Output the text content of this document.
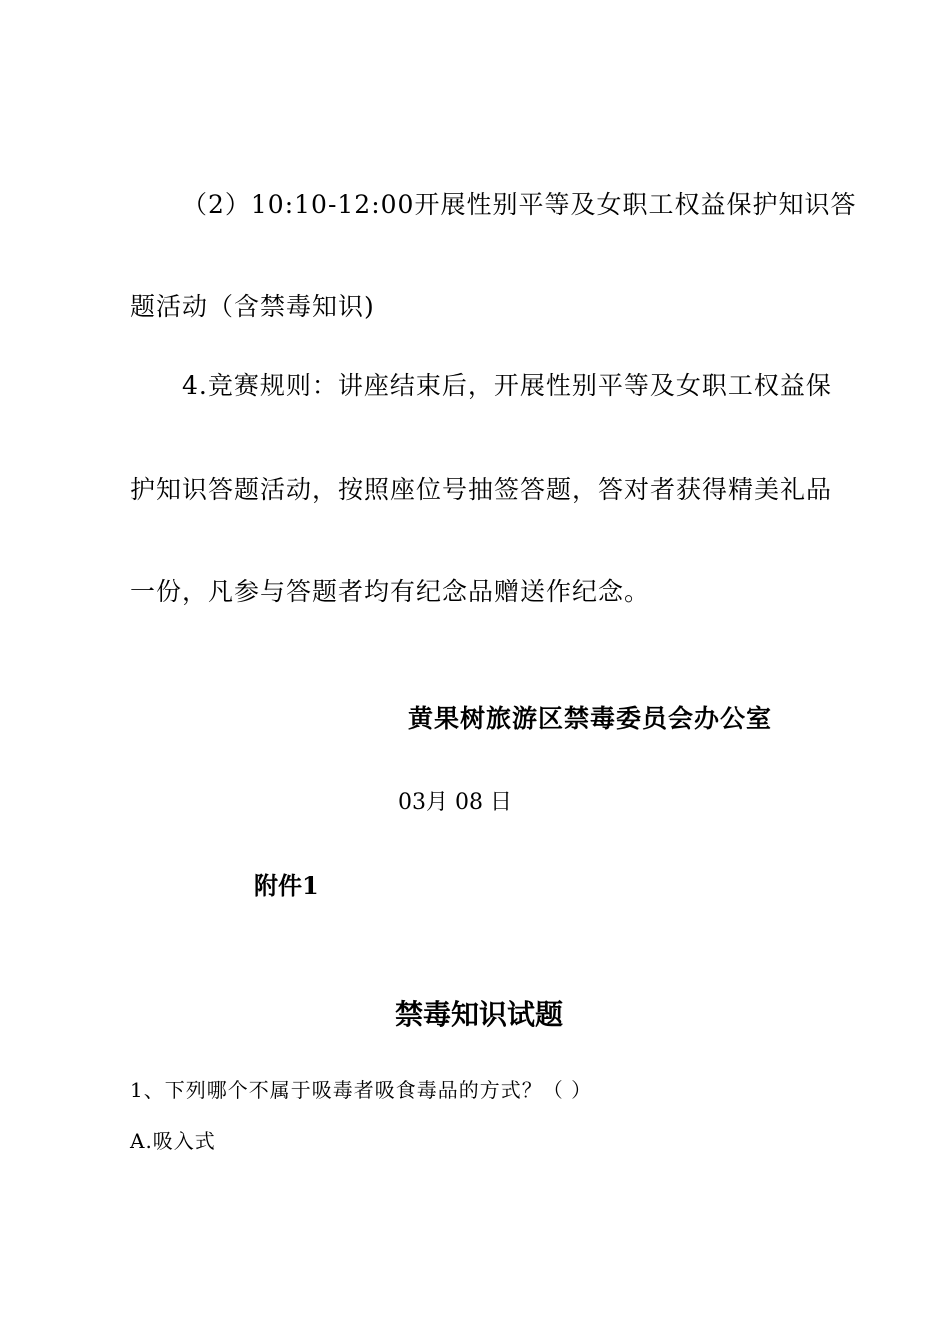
（2）10:10-12:00开展性别平等及女职工权益保护知识答
题活动（含禁毒知识)
4.竞赛规则：讲座结束后，开展性别平等及女职工权益保
护知识答题活动，按照座位号抽签答题，答对者获得精美礼品
一份，凡参与答题者均有纪念品赠送作纪念。
黄果树旅游区禁毒委员会办公室
03月 08 日
附件1
禁毒知识试题
1、下列哪个不属于吸毒者吸食毒品的方式？（ ）
A.吸入式
